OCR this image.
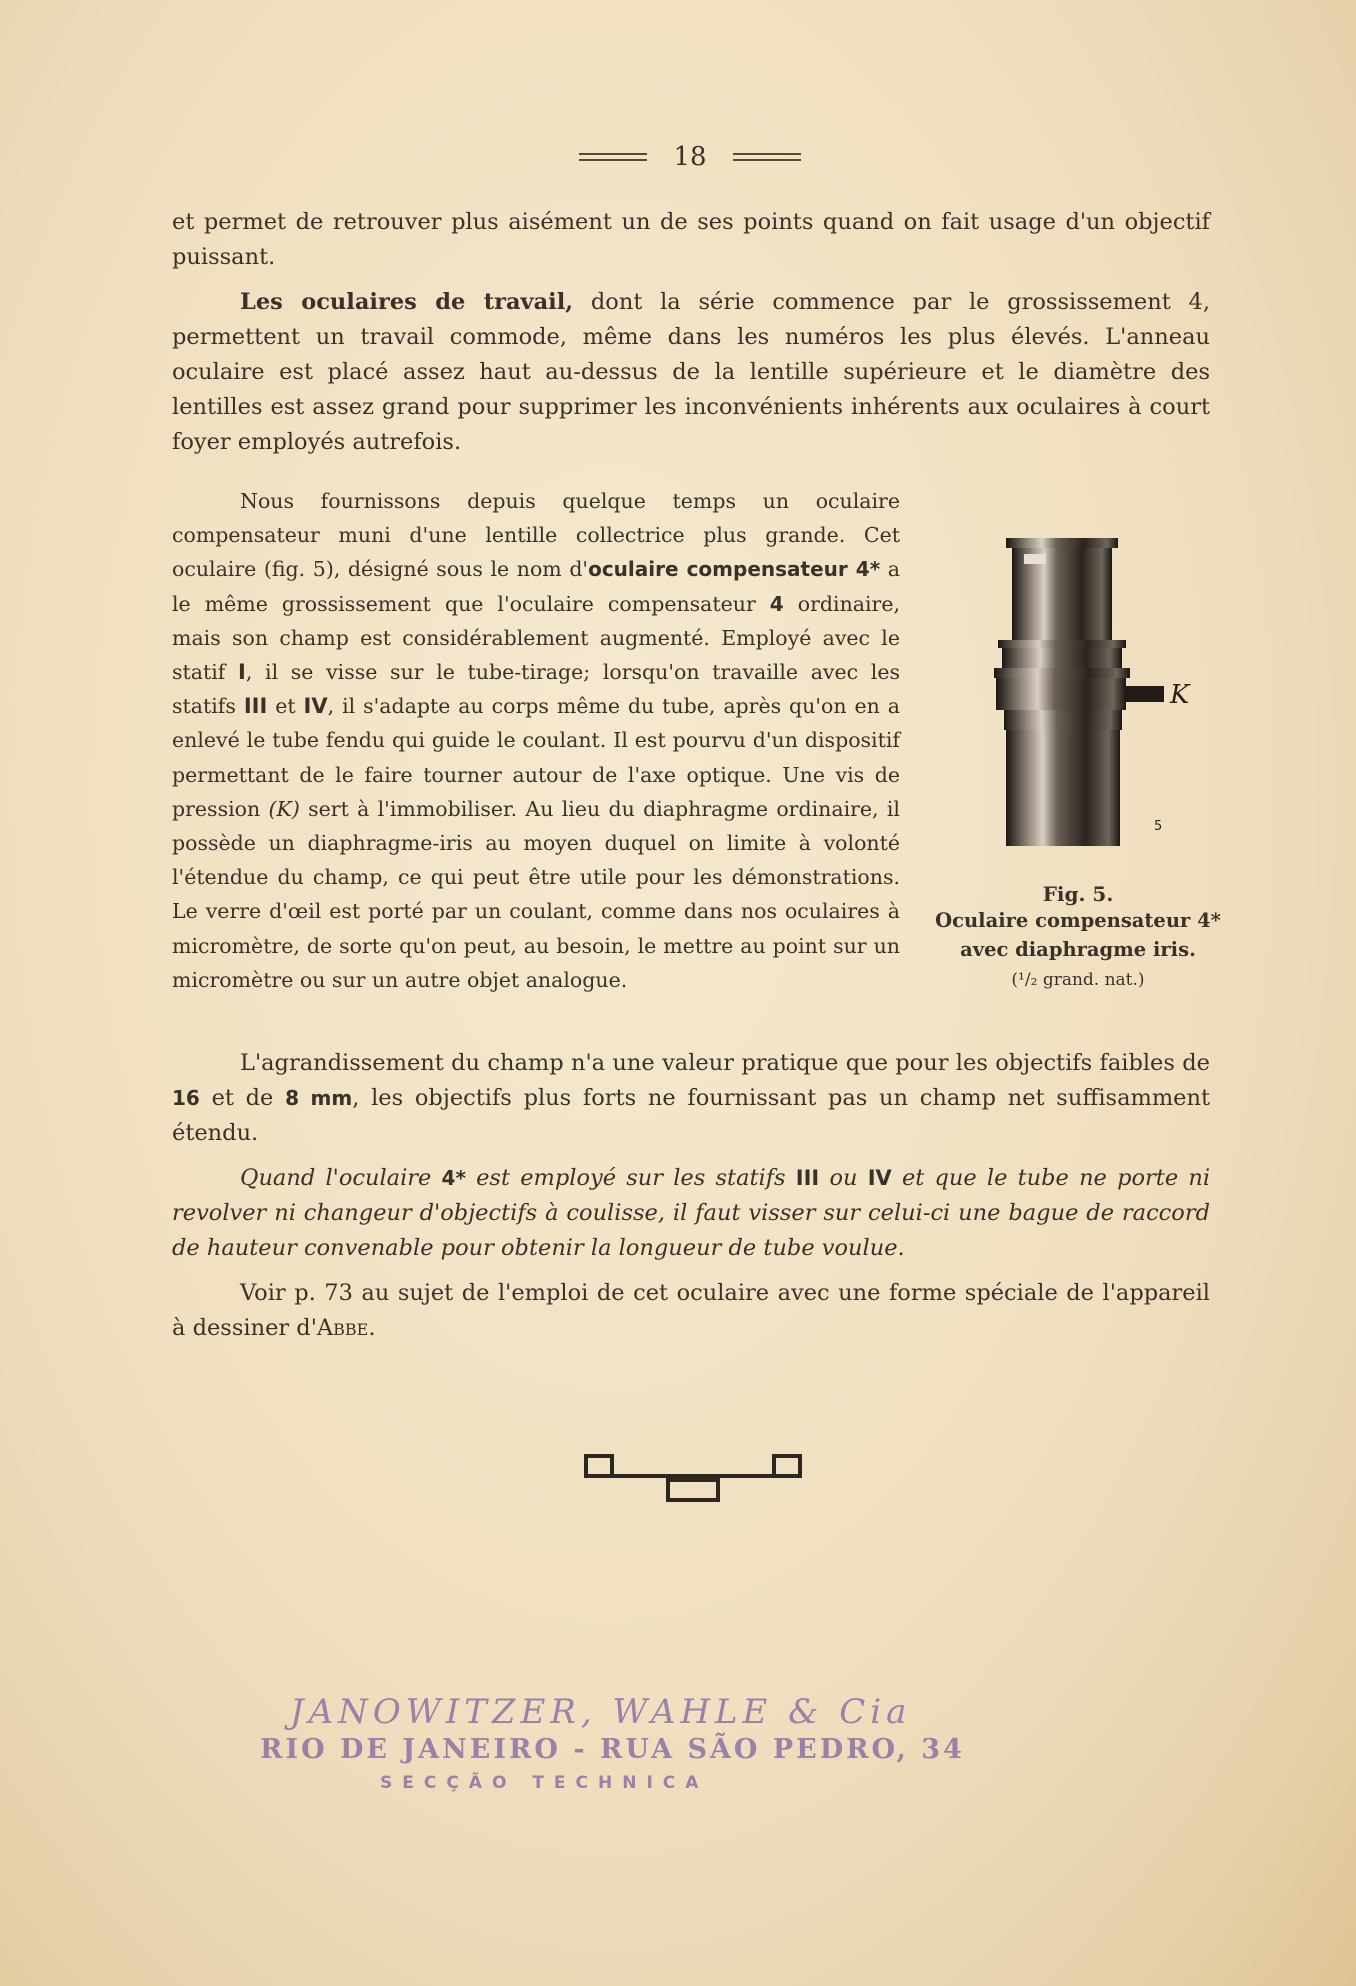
18

et permet de retrouver plus aisément un de ses points quand on fait usage d'un objectif puissant.

Les oculaires de travail, dont la série commence par le grossissement 4, permettent un travail commode, même dans les numéros les plus élevés. L'anneau oculaire est placé assez haut au-dessus de la lentille supérieure et le diamètre des lentilles est assez grand pour supprimer les inconvénients inhérents aux oculaires à court foyer employés autrefois.

Nous fournissons depuis quelque temps un oculaire compensateur muni d'une lentille collectrice plus grande. Cet oculaire (fig. 5), désigné sous le nom d'oculaire compensateur 4* a le même grossissement que l'oculaire compensateur 4 ordinaire, mais son champ est considérablement augmenté. Employé avec le statif I, il se visse sur le tube-tirage; lorsqu'on travaille avec les statifs III et IV, il s'adapte au corps même du tube, après qu'on en a enlevé le tube fendu qui guide le coulant. Il est pourvu d'un dispositif permettant de le faire tourner autour de l'axe optique. Une vis de pression (K) sert à l'immobiliser. Au lieu du diaphragme ordinaire, il possède un diaphragme-iris au moyen duquel on limite à volonté l'étendue du champ, ce qui peut être utile pour les démonstrations. Le verre d'œil est porté par un coulant, comme dans nos oculaires à micromètre, de sorte qu'on peut, au besoin, le mettre au point sur un micromètre ou sur un autre objet analogue.

K
5
Fig. 5.
Oculaire compensateur 4*
avec diaphragme iris.
(¹/₂ grand. nat.)

L'agrandissement du champ n'a une valeur pratique que pour les objectifs faibles de 16 et de 8 mm, les objectifs plus forts ne fournissant pas un champ net suffisamment étendu.

Quand l'oculaire 4* est employé sur les statifs III ou IV et que le tube ne porte ni revolver ni changeur d'objectifs à coulisse, il faut visser sur celui-ci une bague de raccord de hauteur convenable pour obtenir la longueur de tube voulue.

Voir p. 73 au sujet de l'emploi de cet oculaire avec une forme spéciale de l'appareil à dessiner d'Abbe.

JANOWITZER, WAHLE & Cia
RIO DE JANEIRO - RUA SÃO PEDRO, 34
SECÇÃO TECHNICA
